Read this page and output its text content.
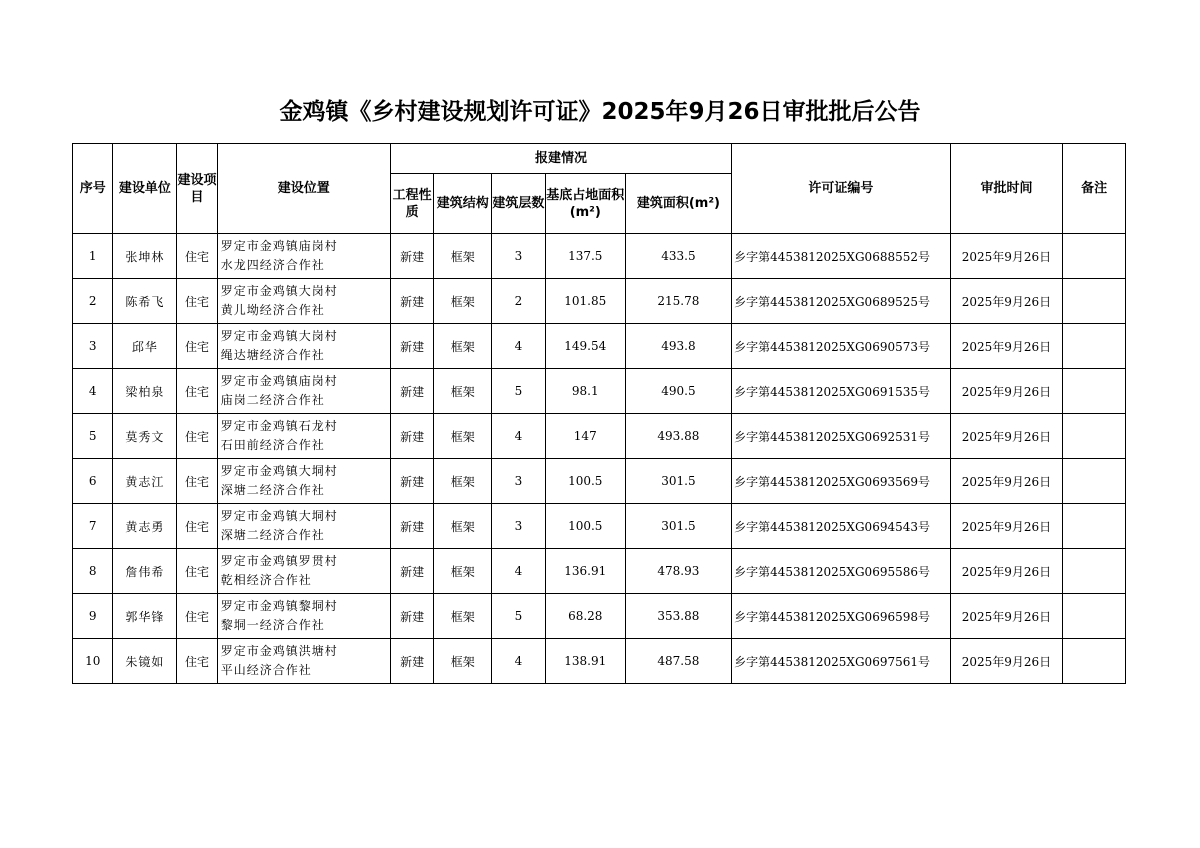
金鸡镇《乡村建设规划许可证》2025年9月26日审批批后公告
序号	建设单位	建设项目	建设位置	报建情况					许可证编号	审批时间	备注
				工程性质	建筑结构	建筑层数	基底占地面积(m²)	建筑面积(m²)			
1	张坤林	住宅	罗定市金鸡镇庙岗村
水龙四经济合作社	新建	框架	3	137.5	433.5	乡字第4453812025XG0688552号	2025年9月26日	
2	陈希飞	住宅	罗定市金鸡镇大岗村
黄儿坳经济合作社	新建	框架	2	101.85	215.78	乡字第4453812025XG0689525号	2025年9月26日	
3	邱华	住宅	罗定市金鸡镇大岗村
绳达塘经济合作社	新建	框架	4	149.54	493.8	乡字第4453812025XG0690573号	2025年9月26日	
4	梁柏泉	住宅	罗定市金鸡镇庙岗村
庙岗二经济合作社	新建	框架	5	98.1	490.5	乡字第4453812025XG0691535号	2025年9月26日	
5	莫秀文	住宅	罗定市金鸡镇石龙村
石田前经济合作社	新建	框架	4	147	493.88	乡字第4453812025XG0692531号	2025年9月26日	
6	黄志江	住宅	罗定市金鸡镇大垌村
深塘二经济合作社	新建	框架	3	100.5	301.5	乡字第4453812025XG0693569号	2025年9月26日	
7	黄志勇	住宅	罗定市金鸡镇大垌村
深塘二经济合作社	新建	框架	3	100.5	301.5	乡字第4453812025XG0694543号	2025年9月26日	
8	詹伟希	住宅	罗定市金鸡镇罗贯村
乾相经济合作社	新建	框架	4	136.91	478.93	乡字第4453812025XG0695586号	2025年9月26日	
9	郭华锋	住宅	罗定市金鸡镇黎垌村
黎垌一经济合作社	新建	框架	5	68.28	353.88	乡字第4453812025XG0696598号	2025年9月26日	
10	朱镜如	住宅	罗定市金鸡镇洪塘村
平山经济合作社	新建	框架	4	138.91	487.58	乡字第4453812025XG0697561号	2025年9月26日	
